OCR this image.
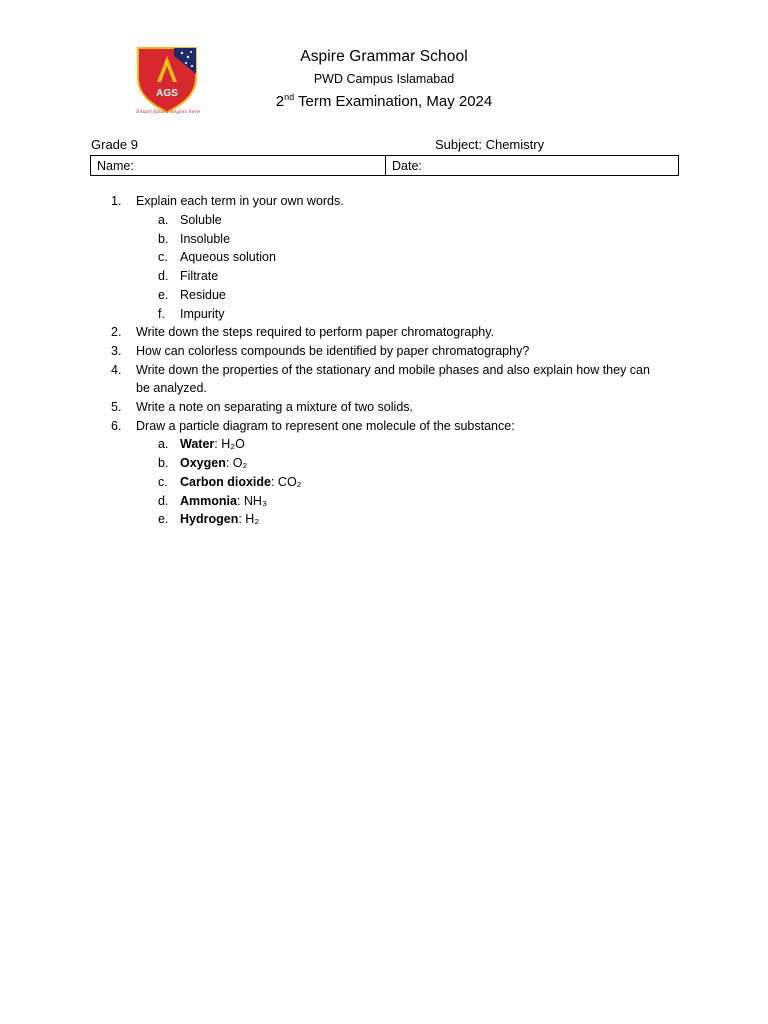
AGS
Smart future begins here
Aspire Grammar School
PWD Campus Islamabad
2nd Term Examination, May 2024
Grade 9	Subject: Chemistry
Name:	Date:
1. Explain each term in your own words.
a. Soluble
b. Insoluble
c. Aqueous solution
d. Filtrate
e. Residue
f. Impurity
2. Write down the steps required to perform paper chromatography.
3. How can colorless compounds be identified by paper chromatography?
4. Write down the properties of the stationary and mobile phases and also explain how they can
be analyzed.
5. Write a note on separating a mixture of two solids.
6. Draw a particle diagram to represent one molecule of the substance:
a. Water: H₂O
b. Oxygen: O₂
c. Carbon dioxide: CO₂
d. Ammonia: NH₃
e. Hydrogen: H₂
